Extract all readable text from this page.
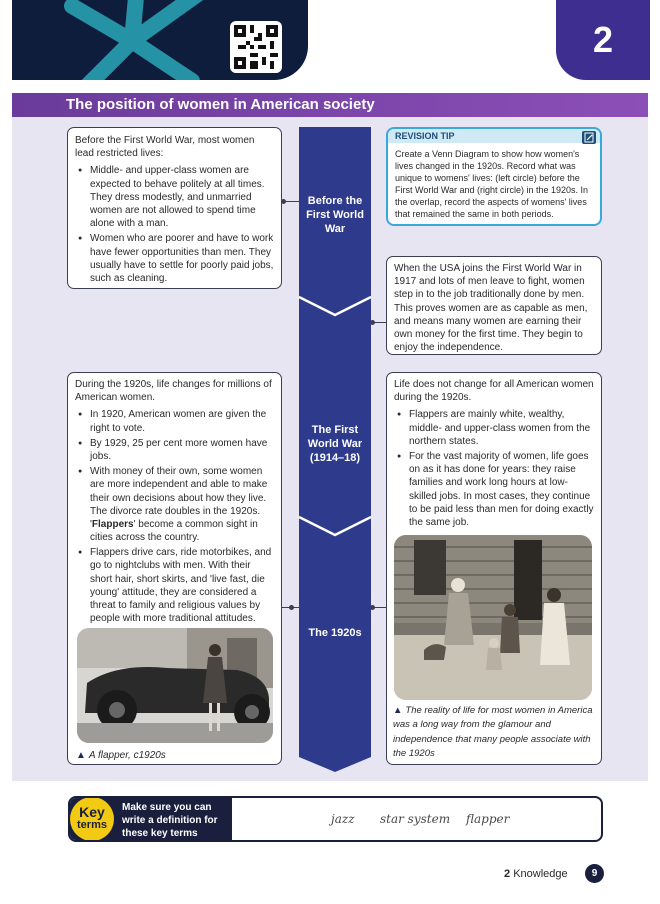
2
The position of women in American society
Before the First World War
The First World War (1914–18)
The 1920s

Before the First World War, most women lead restricted lives:

● Middle- and upper-class women are expected to behave politely at all times. They dress modestly, and unmarried women are not allowed to spend time alone with a man.
● Women who are poorer and have to work have fewer opportunities than men. They usually have to settle for poorly paid jobs, such as cleaning.
REVISION TIP
Create a Venn Diagram to show how women's lives changed in the 1920s. Record what was unique to womens' lives: (left circle) before the First World War and (right circle) in the 1920s. In the overlap, record the aspects of womens' lives that remained the same in both periods.

When the USA joins the First World War in 1917 and lots of men leave to fight, women step in to the job traditionally done by men. This proves women are as capable as men, and means many women are earning their own money for the first time. They begin to enjoy the independence.

During the 1920s, life changes for millions of American women.

● In 1920, American women are given the right to vote.
● By 1929, 25 per cent more women have jobs.
● With money of their own, some women are more independent and able to make their own decisions about how they live. The divorce rate doubles in the 1920s. 'Flappers' become a common sight in cities across the country.
● Flappers drive cars, ride motorbikes, and go to nightclubs with men. With their short hair, short skirts, and 'live fast, die young' attitude, they are considered a threat to family and religious values by people with more traditional attitudes.
▲ A flapper, c1920s

Life does not change for all American women during the 1920s.

● Flappers are mainly white, wealthy, middle- and upper-class women from the northern states.
● For the vast majority of women, life goes on as it has done for years: they raise families and work long hours at low-skilled jobs. In most cases, they continue to be paid less than men for doing exactly the same job.
▲ The reality of life for most women in America was a long way from the glamour and independence that many people associate with the 1920s
Key
terms
Make sure you can write a definition for these key terms
jazz star system flapper
2 Knowledge	9
